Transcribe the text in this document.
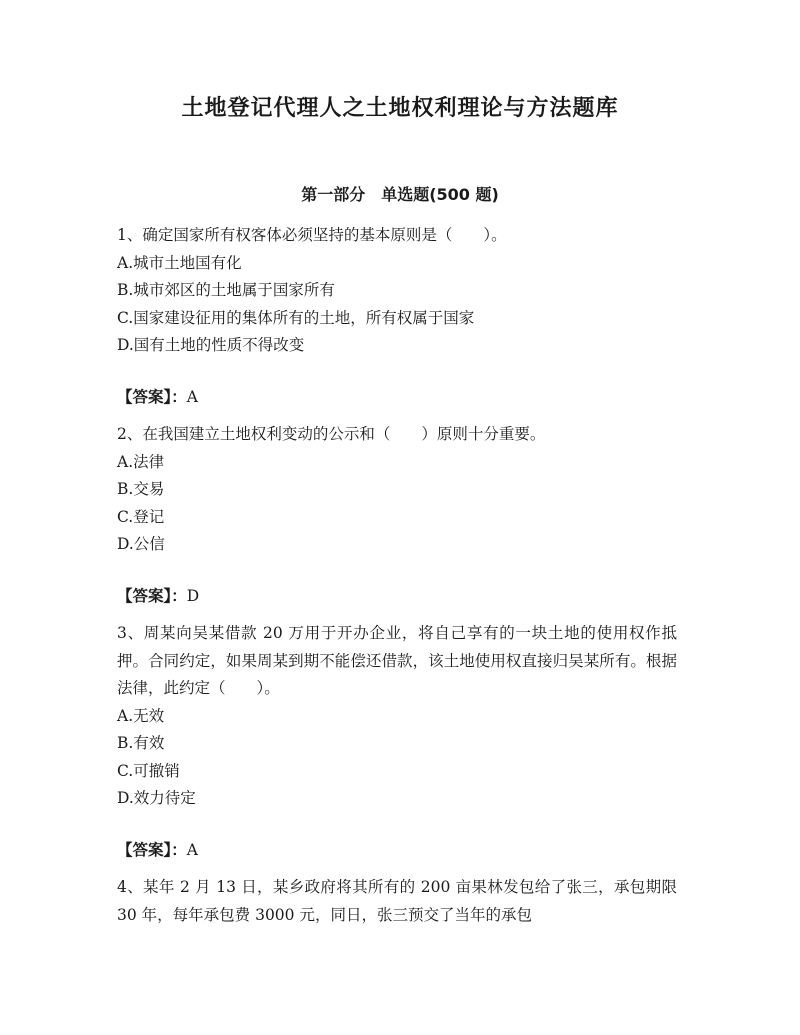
土地登记代理人之土地权利理论与方法题库
第一部分　单选题(500 题)

1、确定国家所有权客体必须坚持的基本原则是（　　）。

A.城市土地国有化

B.城市郊区的土地属于国家所有

C.国家建设征用的集体所有的土地，所有权属于国家

D.国有土地的性质不得改变

【答案】：A

2、在我国建立土地权利变动的公示和（　　）原则十分重要。

A.法律

B.交易

C.登记

D.公信

【答案】：D

3、周某向吴某借款 20 万用于开办企业，将自己享有的一块土地的使用权作抵押。合同约定，如果周某到期不能偿还借款，该土地使用权直接归吴某所有。根据法律，此约定（　　）。

A.无效

B.有效

C.可撤销

D.效力待定

【答案】：A

4、某年 2 月 13 日，某乡政府将其所有的 200 亩果林发包给了张三，承包期限 30 年，每年承包费 3000 元，同日，张三预交了当年的承包
